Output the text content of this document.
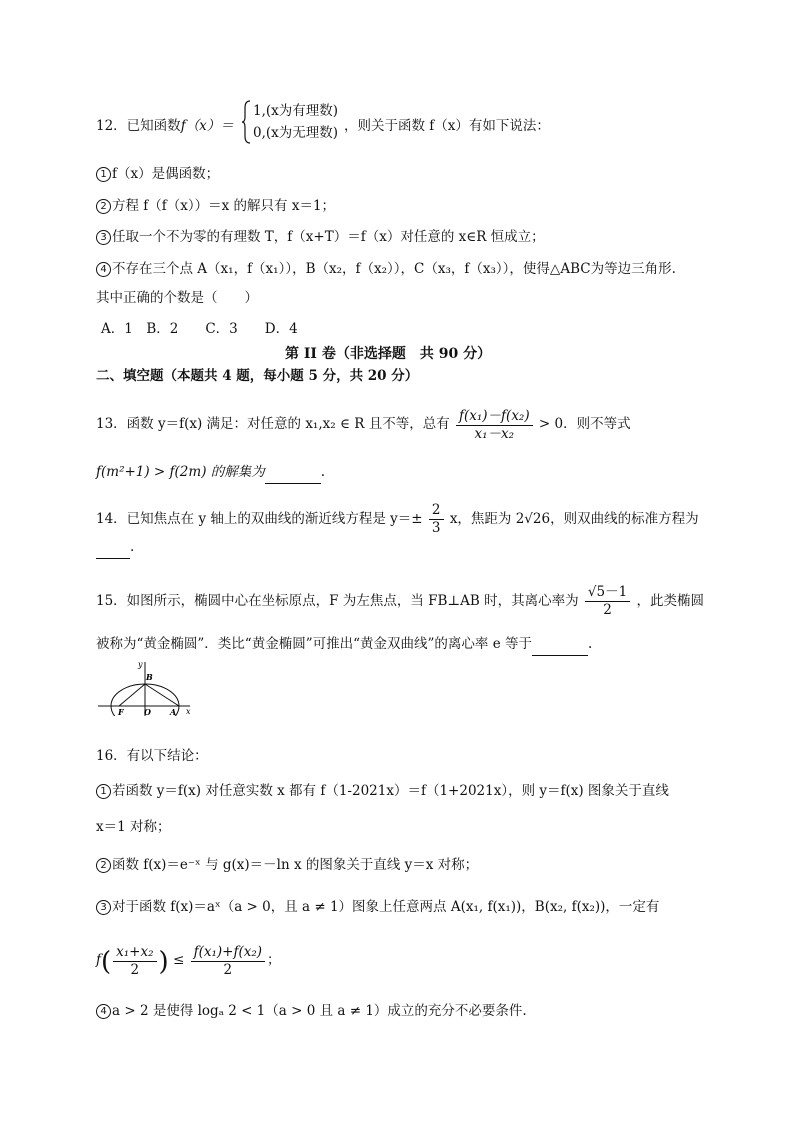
12．已知函数f（x）＝
1,(x为有理数)
0,(x为无理数) ，则关于函数 f（x）有如下说法：
1 f（x）是偶函数；
2 方程 f（f（x））＝x 的解只有 x＝1；
3 任取一个不为零的有理数 T，f（x+T）＝f（x）对任意的 x∈R 恒成立；
4 不存在三个点 A（x₁，f（x₁）），B（x₂，f（x₂）），C（x₃，f（x₃）），使得△ABC为等边三角形.
其中正确的个数是（　　）
A．1　B．2　　C．3　　D．4
第 II 卷（非选择题　共 90 分）
二、填空题（本题共 4 题，每小题 5 分，共 20 分）
13．函数 y＝f(x) 满足：对任意的 x₁,x₂ ∈ R 且不等，总有 $\frac{\text{f(x₁)－f(x₂)}}{\text{x₁－x₂}} > 0$．则不等式
f(m²+1) > f(2m) 的解集为	.
14．已知焦点在 y 轴上的双曲线的渐近线方程是 $y=\pm \frac{2}{3}$ x，焦距为 2√26，则双曲线的标准方程为
.
15．如图所示，椭圆中心在坐标原点，F 为左焦点，当 FB⊥AB 时，其离心率为 $\frac{√5-1}{2}$ ，此类椭圆
被称为“黄金椭圆”．类比“黄金椭圆”可推出“黄金双曲线”的离心率 e 等于	.
y
x
B
F	O A
16．有以下结论：
1 若函数 y＝f(x) 对任意实数 x 都有 f（1-2021x）＝f（1+2021x），则 y＝f(x) 图象关于直线
x＝1 对称；
2 函数 f(x)＝e⁻ˣ 与 g(x)＝－ln x 的图象关于直线 y＝x 对称；
3 对于函数 f(x)＝aˣ（a > 0，且 a ≠ 1）图象上任意两点 A(x₁, f(x₁))，B(x₂, f(x₂))，一定有
$f( \frac{\text{x₁+x₂}}{2}$ ) ≤ $\frac{\text{f(x₁)+f(x₂)}}{2}$ ；
4 a > 2 是使得 logₐ 2 < 1（a > 0 且 a ≠ 1）成立的充分不必要条件.
